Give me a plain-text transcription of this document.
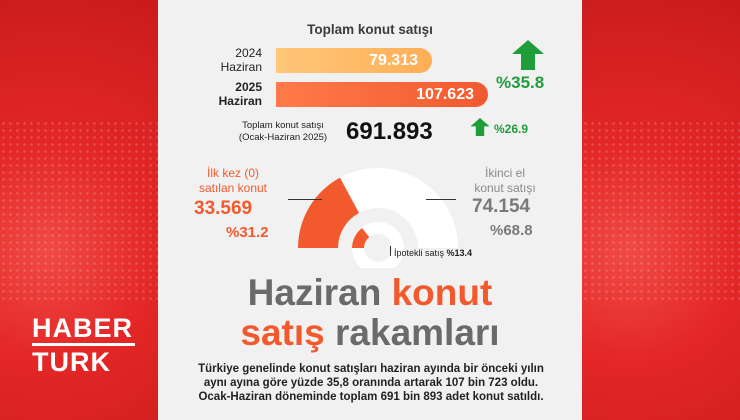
HABER
TURK
Toplam konut satışı
2024
Haziran	79.313
2025
Haziran	107.623
%35.8
Toplam konut satışı
(Ocak-Haziran 2025) 691.893	%26.9
İlk kez (0)
satılan konut
33.569
%31.2
İkinci el
konut satışı
74.154
%68.8
İpotekli satış %13.4
Haziran konut
satış rakamları
Türkiye genelinde konut satışları haziran ayında bir önceki yılın aynı ayına göre yüzde 35,8 oranında artarak 107 bin 723 oldu. Ocak-Haziran döneminde toplam 691 bin 893 adet konut satıldı.
